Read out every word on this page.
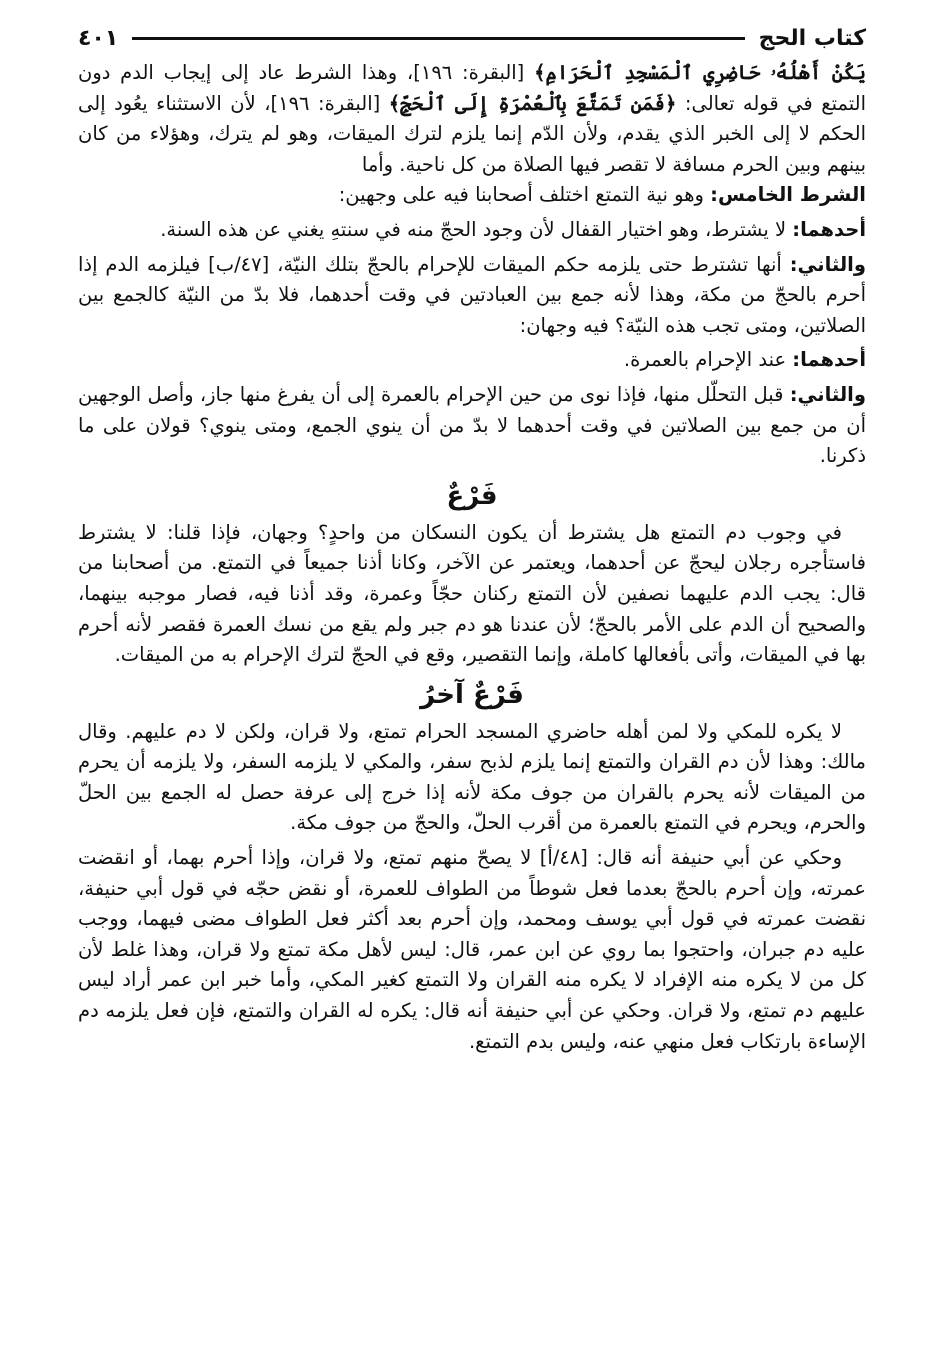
كتاب الحج
٤٠١

يَكُنْ أَهْلُهُۥ حَاضِرِي ٱلْمَسْجِدِ ٱلْحَرَامِ﴾ [البقرة: ١٩٦]، وهذا الشرط عاد إلى إيجاب الدم دون التمتع في قوله تعالى: ﴿فَمَن تَمَتَّعَ بِٱلْعُمْرَةِ إِلَى ٱلْحَجِّ﴾ [البقرة: ١٩٦]، لأن الاستثناء يعُود إلى الحكم لا إلى الخبر الذي يقدم، ولأن الدّم إنما يلزم لترك الميقات، وهو لم يترك، وهؤلاء من كان بينهم وبين الحرم مسافة لا تقصر فيها الصلاة من كل ناحية. وأما

الشرط الخامس: وهو نية التمتع اختلف أصحابنا فيه على وجهين:

أحدهما: لا يشترط، وهو اختيار القفال لأن وجود الحجّ منه في سنتهِ يغني عن هذه السنة.

والثاني: أنها تشترط حتى يلزمه حكم الميقات للإحرام بالحجّ بتلك النيّة، [٤٧/ب] فيلزمه الدم إذا أحرم بالحجّ من مكة، وهذا لأنه جمع بين العبادتين في وقت أحدهما، فلا بدّ من النيّة كالجمع بين الصلاتين، ومتى تجب هذه النيّة؟ فيه وجهان:

أحدهما: عند الإحرام بالعمرة.

والثاني: قبل التحلّل منها، فإذا نوى من حين الإحرام بالعمرة إلى أن يفرغ منها جاز، وأصل الوجهين أن من جمع بين الصلاتين في وقت أحدهما لا بدّ من أن ينوي الجمع، ومتى ينوي؟ قولان على ما ذكرنا.

فَرْعٌ

في وجوب دم التمتع هل يشترط أن يكون النسكان من واحدٍ؟ وجهان، فإذا قلنا: لا يشترط فاستأجره رجلان ليحجّ عن أحدهما، ويعتمر عن الآخر، وكانا أذنا جميعاً في التمتع. من أصحابنا من قال: يجب الدم عليهما نصفين لأن التمتع ركنان حجّاً وعمرة، وقد أذنا فيه، فصار موجبه بينهما، والصحيح أن الدم على الأمر بالحجّ؛ لأن عندنا هو دم جبر ولم يقع من نسك العمرة فقصر لأنه أحرم بها في الميقات، وأتى بأفعالها كاملة، وإنما التقصير، وقع في الحجّ لترك الإحرام به من الميقات.

فَرْعٌ آخرُ

لا يكره للمكي ولا لمن أهله حاضري المسجد الحرام تمتع، ولا قران، ولكن لا دم عليهم. وقال مالك: وهذا لأن دم القران والتمتع إنما يلزم لذبح سفر، والمكي لا يلزمه السفر، ولا يلزمه أن يحرم من الميقات لأنه يحرم بالقران من جوف مكة لأنه إذا خرج إلى عرفة حصل له الجمع بين الحلّ والحرم، ويحرم في التمتع بالعمرة من أقرب الحلّ، والحجّ من جوف مكة.

وحكي عن أبي حنيفة أنه قال: [٤٨/أ] لا يصحّ منهم تمتع، ولا قران، وإذا أحرم بهما، أو انقضت عمرته، وإن أحرم بالحجّ بعدما فعل شوطاً من الطواف للعمرة، أو نقض حجّه في قول أبي حنيفة، نقضت عمرته في قول أبي يوسف ومحمد، وإن أحرم بعد أكثر فعل الطواف مضى فيهما، ووجب عليه دم جبران، واحتجوا بما روي عن ابن عمر، قال: ليس لأهل مكة تمتع ولا قران، وهذا غلط لأن كل من لا يكره منه الإفراد لا يكره منه القران ولا التمتع كغير المكي، وأما خبر ابن عمر أراد ليس عليهم دم تمتع، ولا قران. وحكي عن أبي حنيفة أنه قال: يكره له القران والتمتع، فإن فعل يلزمه دم الإساءة بارتكاب فعل منهي عنه، وليس بدم التمتع.
